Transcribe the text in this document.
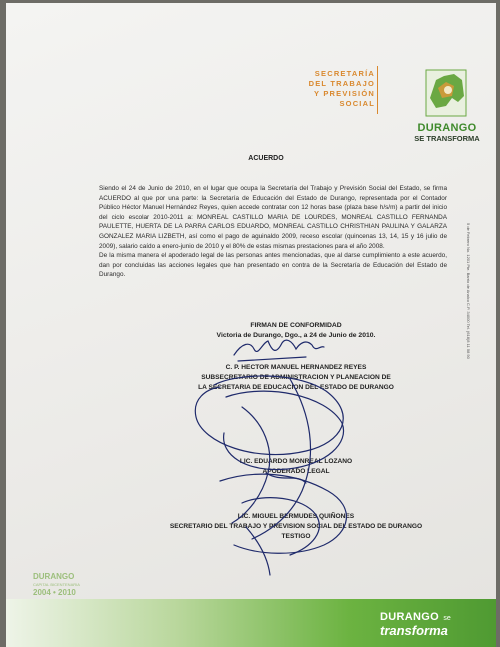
SECRETARÍA
DEL TRABAJO
Y PREVISIÓN
SOCIAL
DURANGO
SE TRANSFORMA
ACUERDO

Siendo el 24 de Junio de 2010, en el lugar que ocupa la Secretaría del Trabajo y Previsión Social del Estado, se firma ACUERDO al que por una parte: la Secretaría de Educación del Estado de Durango, representada por el Contador Público Héctor Manuel Hernández Reyes, quien accede contratar con 12 horas base (plaza base h/s/m) a partir del inicio del ciclo escolar 2010-2011 a: MONREAL CASTILLO MARIA DE LOURDES, MONREAL CASTILLO FERNANDA PAULETTE, HUERTA DE LA PARRA CARLOS EDUARDO, MONREAL CASTILLO CHRISTHIAN PAULINA Y GALARZA GONZALEZ MARIA LIZBETH, así como el pago de aguinaldo 2009, receso escolar (quincenas 13, 14, 15 y 16 julio de 2009), salario caído a enero-junio de 2010 y el 80% de estas mismas prestaciones para el año 2008.

De la misma manera el apoderado legal de las personas antes mencionadas, que al darse cumplimiento a este acuerdo, dan por concluidas las acciones legales que han presentado en contra de la Secretaría de Educación del Estado de Durango.

FIRMAN DE CONFORMIDAD
Victoria de Durango, Dgo., a 24 de Junio de 2010.
C. P. HECTOR MANUEL HERNANDEZ REYES
SUBSECRETARIO DE ADMINISTRACION Y PLANEACION DE
LA SECRETARIA DE EDUCACION DEL ESTADO DE DURANGO
LIC. EDUARDO MONREAL LOZANO
APODERADO LEGAL
LIC. MIGUEL BERMUDES QUIÑONES
SECRETARIO DEL TRABAJO Y PREVISION SOCIAL DEL ESTADO DE DURANGO
TESTIGO
5 de Febrero No. 1201 Pte. Barrio de Analco C.P. 34000 Tel. (618)8 11 58 90
DURANGO
CAPITAL BICENTENARIA
2004 • 2010
DURANGO se
transforma
